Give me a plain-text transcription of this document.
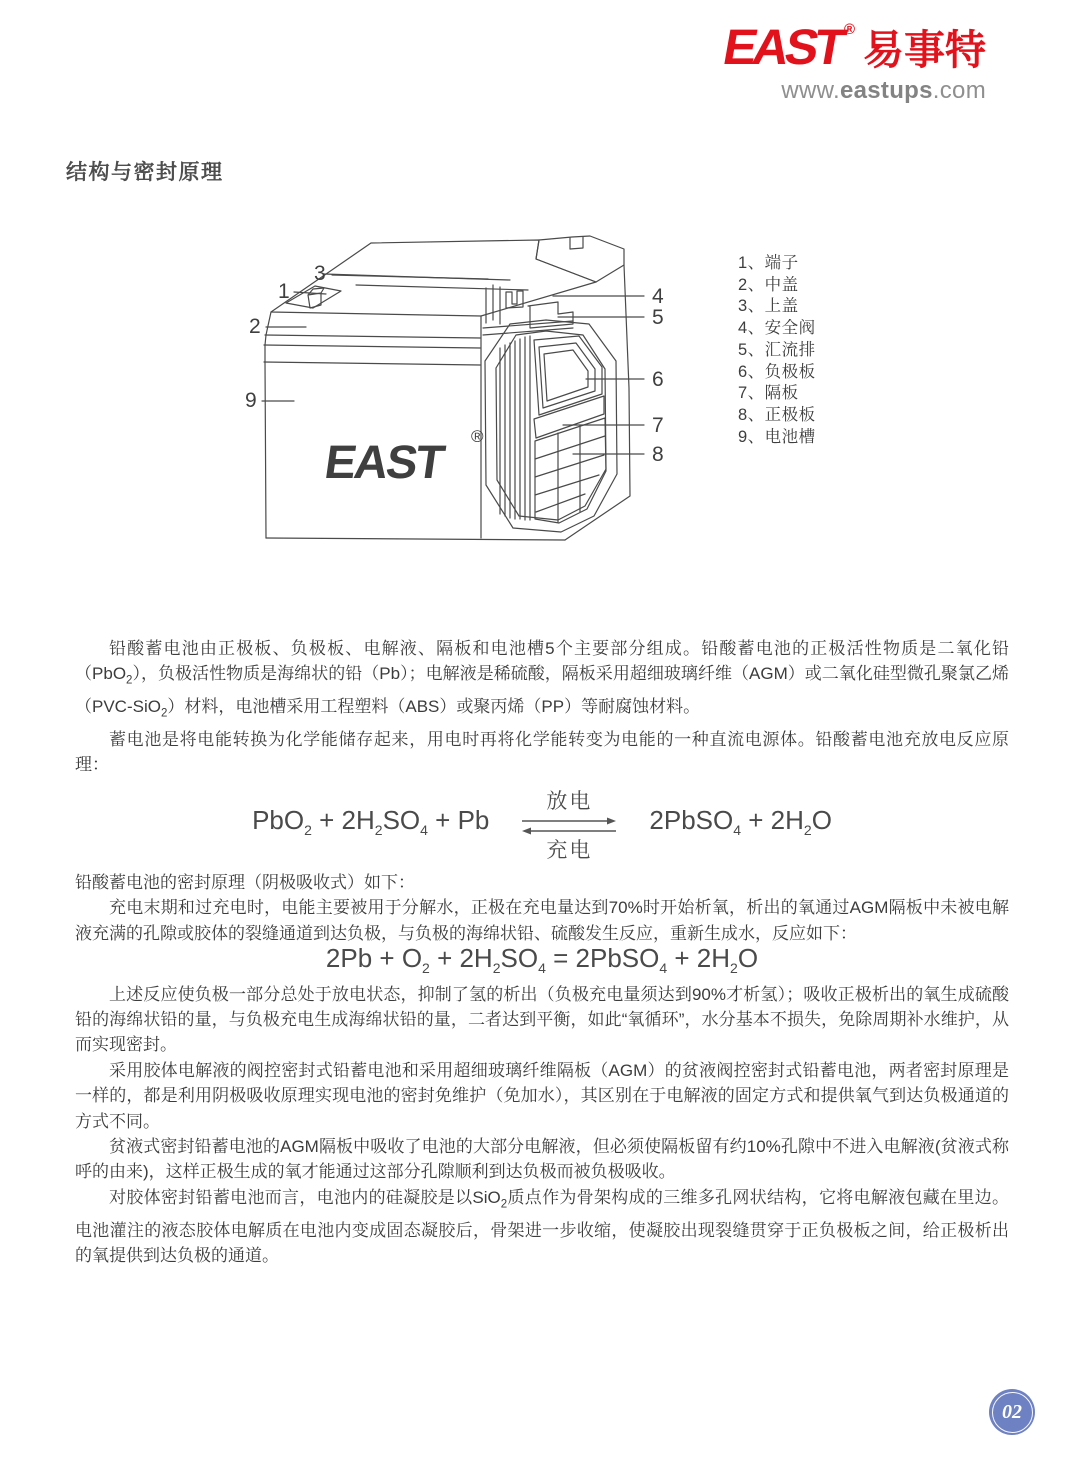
EAST® 易事特
www.eastups.com
结构与密封原理
3
1
2
9
4
5
6
7
8
EAST ®
1、端子
2、中盖
3、上盖
4、安全阀
5、汇流排
6、负极板
7、隔板
8、正极板
9、电池槽

铅酸蓄电池由正极板、负极板、电解液、隔板和电池槽5个主要部分组成。铅酸蓄电池的正极活性物质是二氧化铅（PbO$_2$），负极活性物质是海绵状的铅（Pb）；电解液是稀硫酸，隔板采用超细玻璃纤维（AGM）或二氧化硅型微孔聚氯乙烯（PVC-SiO$_2$）材料，电池槽采用工程塑料（ABS）或聚丙烯（PP）等耐腐蚀材料。

蓄电池是将电能转换为化学能储存起来，用电时再将化学能转变为电能的一种直流电源体。铅酸蓄电池充放电反应原理：

$PbO_2 + 2H_2SO_4 + Pb$
放电
充电
2PbSO$_4$ + $2H_2O$

铅酸蓄电池的密封原理（阴极吸收式）如下：

充电末期和过充电时，电能主要被用于分解水，正极在充电量达到70%时开始析氧，析出的氧通过AGM隔板中未被电解液充满的孔隙或胶体的裂缝通道到达负极，与负极的海绵状铅、硫酸发生反应，重新生成水，反应如下：

$2Pb + O_2 + 2H_2SO_4$ = 2PbSO$_4$ + $2H_2O$

上述反应使负极一部分总处于放电状态，抑制了氢的析出（负极充电量须达到90%才析氢）；吸收正极析出的氧生成硫酸铅的海绵状铅的量，与负极充电生成海绵状铅的量，二者达到平衡，如此“氧循环”，水分基本不损失，免除周期补水维护，从而实现密封。

采用胶体电解液的阀控密封式铅蓄电池和采用超细玻璃纤维隔板（AGM）的贫液阀控密封式铅蓄电池，两者密封原理是一样的，都是利用阴极吸收原理实现电池的密封免维护（免加水），其区别在于电解液的固定方式和提供氧气到达负极通道的方式不同。

贫液式密封铅蓄电池的AGM隔板中吸收了电池的大部分电解液，但必须使隔板留有约10%孔隙中不进入电解液(贫液式称呼的由来)，这样正极生成的氧才能通过这部分孔隙顺利到达负极而被负极吸收。

对胶体密封铅蓄电池而言，电池内的硅凝胶是以SiO$_2$质点作为骨架构成的三维多孔网状结构，它将电解液包藏在里边。电池灌注的液态胶体电解质在电池内变成固态凝胶后，骨架进一步收缩，使凝胶出现裂缝贯穿于正负极板之间，给正极析出的氧提供到达负极的通道。

02
